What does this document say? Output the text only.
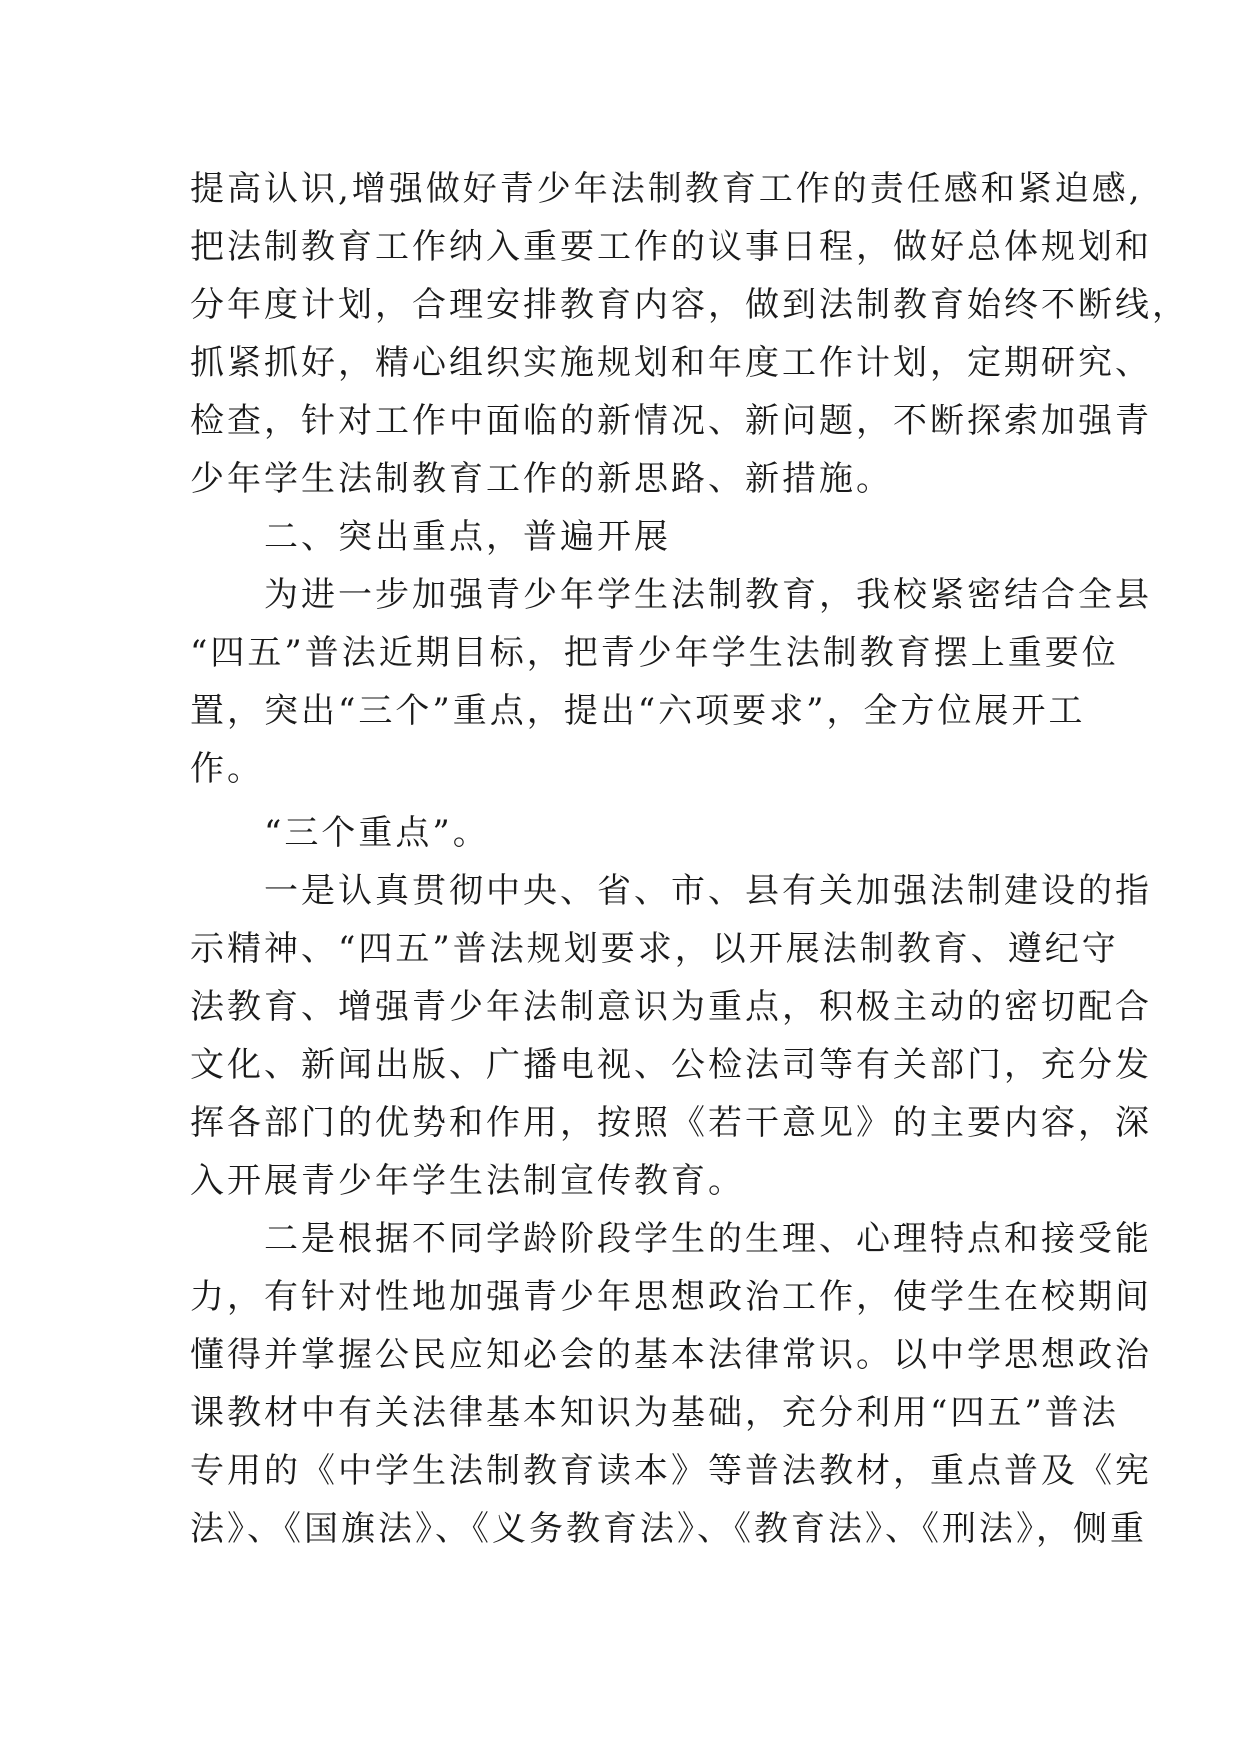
提高认识,增强做好青少年法制教育工作的责任感和紧迫感,
把法制教育工作纳入重要工作的议事日程，做好总体规划和
分年度计划，合理安排教育内容，做到法制教育始终不断线，
抓紧抓好，精心组织实施规划和年度工作计划，定期研究、
检查，针对工作中面临的新情况、新问题，不断探索加强青
少年学生法制教育工作的新思路、新措施。
　　二、突出重点，普遍开展
　　为进一步加强青少年学生法制教育，我校紧密结合全县
“四五”普法近期目标，把青少年学生法制教育摆上重要位
置，突出“三个”重点，提出“六项要求”，全方位展开工
作。
　　“三个重点”。
　　一是认真贯彻中央、省、市、县有关加强法制建设的指
示精神、“四五”普法规划要求，以开展法制教育、遵纪守
法教育、增强青少年法制意识为重点，积极主动的密切配合
文化、新闻出版、广播电视、公检法司等有关部门，充分发
挥各部门的优势和作用，按照《若干意见》的主要内容，深
入开展青少年学生法制宣传教育。
　　二是根据不同学龄阶段学生的生理、心理特点和接受能
力，有针对性地加强青少年思想政治工作，使学生在校期间
懂得并掌握公民应知必会的基本法律常识。以中学思想政治
课教材中有关法律基本知识为基础，充分利用“四五”普法
专用的《中学生法制教育读本》等普法教材，重点普及《宪
法》、《国旗法》、《义务教育法》、《教育法》、《刑法》，侧重
